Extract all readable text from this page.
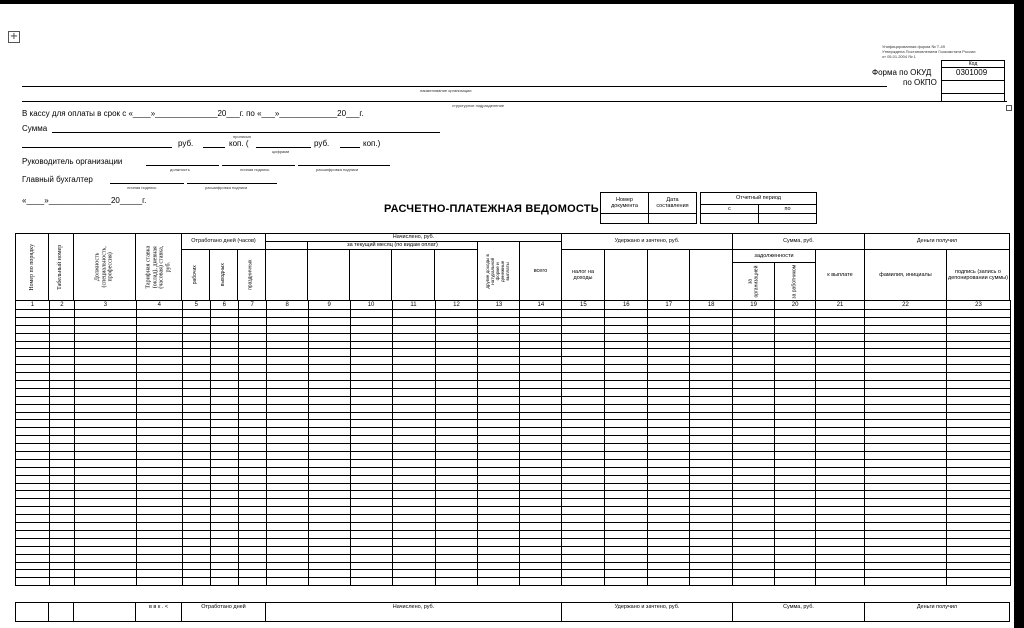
+
Унифицированная форма № Т-49
Утверждена Постановлением Госкомстата России
от 05.01.2004 № 1
Код
0301009
Форма по ОКУД
по ОКПО
наименование организации
структурное подразделение
В кассу для оплаты в срок с «____»______________20___г. по «___»_____________20___г.
Сумма
прописью
руб.	коп. (
цифрами
руб.	коп.)
Руководитель организации
должность	личная подпись	расшифровка подписи
Главный бухгалтер
личная подпись	расшифровка подписи
«____»______________20_____г.
РАСЧЕТНО-ПЛАТЕЖНАЯ ВЕДОМОСТЬ
Номер документа
Дата составления
Отчетный период
с	по
Номер по порядку	Табельный номер	Должность (специальность, профессия)	Тарифная ставка (оклад), дневная (часовая) ставка, руб.
Отработано дней (часов)
рабочих	выходных	праздничных
Начислено, руб.
за текущий месяц (по видам оплат)
другие доходы в натуральной форме и денежные выплаты	всего
Удержано и зачтено, руб.
налог на доходы
Сумма, руб.
задолженности
за организацией	за работником	к выплате
Деньги получил
фамилия, инициалы
подпись (запись о депонировании суммы)
1	2	3	4	5	6	7	8	9	10	11	12	13	14	15	16	17	18	19	20	21	22	23

в в к . <	Отработано дней	Начислено, руб.	Удержано и зачтено, руб.	Сумма, руб.	Деньги получил
